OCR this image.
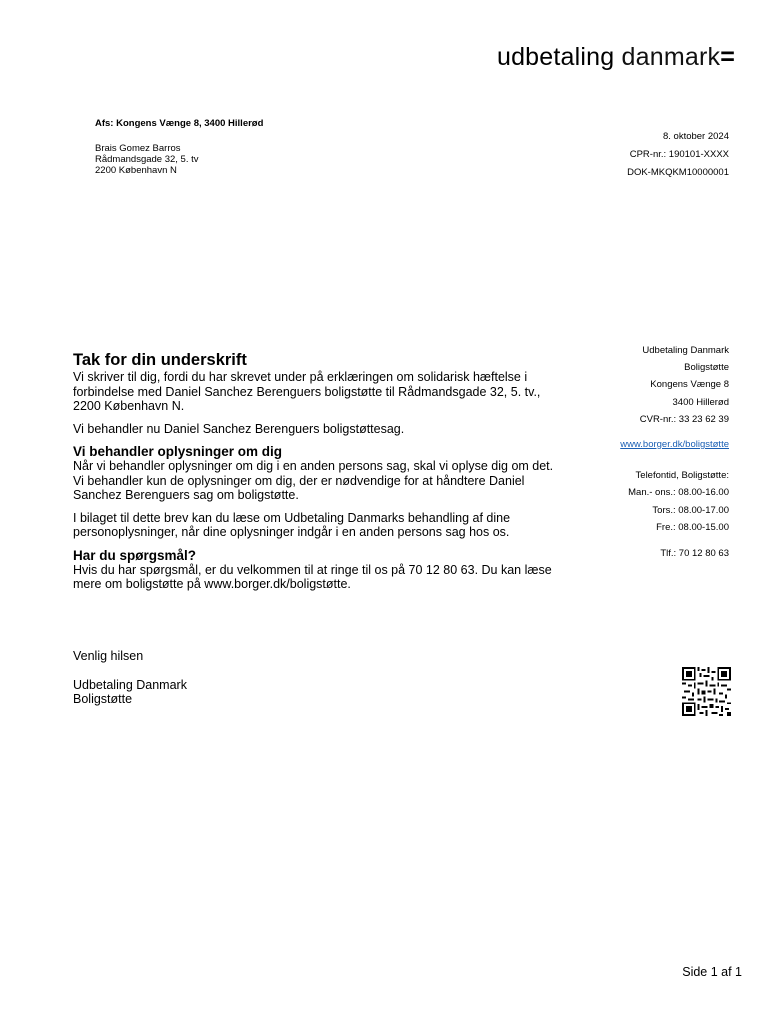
udbetaling danmark=
Afs: Kongens Vænge 8, 3400 Hillerød
Brais Gomez Barros
Rådmandsgade 32, 5. tv
2200 København N
8. oktober 2024
CPR-nr.: 190101-XXXX
DOK-MKQKM10000001
Udbetaling Danmark
Boligstøtte
Kongens Vænge 8
3400 Hillerød
CVR-nr.: 33 23 62 39
www.borger.dk/boligstøtte
Telefontid, Boligstøtte:
Man.- ons.: 08.00-16.00
Tors.: 08.00-17.00
Fre.: 08.00-15.00
Tlf.: 70 12 80 63
Tak for din underskrift

Vi skriver til dig, fordi du har skrevet under på erklæringen om solidarisk hæftelse i forbindelse med Daniel Sanchez Berenguers boligstøtte til Rådmandsgade 32, 5. tv., 2200 København N.

Vi behandler nu Daniel Sanchez Berenguers boligstøttesag.

Vi behandler oplysninger om dig

Når vi behandler oplysninger om dig i en anden persons sag, skal vi oplyse dig om det. Vi behandler kun de oplysninger om dig, der er nødvendige for at håndtere Daniel Sanchez Berenguers sag om boligstøtte.

I bilaget til dette brev kan du læse om Udbetaling Danmarks behandling af dine personoplysninger, når dine oplysninger indgår i en anden persons sag hos os.

Har du spørgsmål?

Hvis du har spørgsmål, er du velkommen til at ringe til os på 70 12 80 63. Du kan læse mere om boligstøtte på www.borger.dk/boligstøtte.

Venlig hilsen
Udbetaling Danmark
Boligstøtte
Side 1 af 1
